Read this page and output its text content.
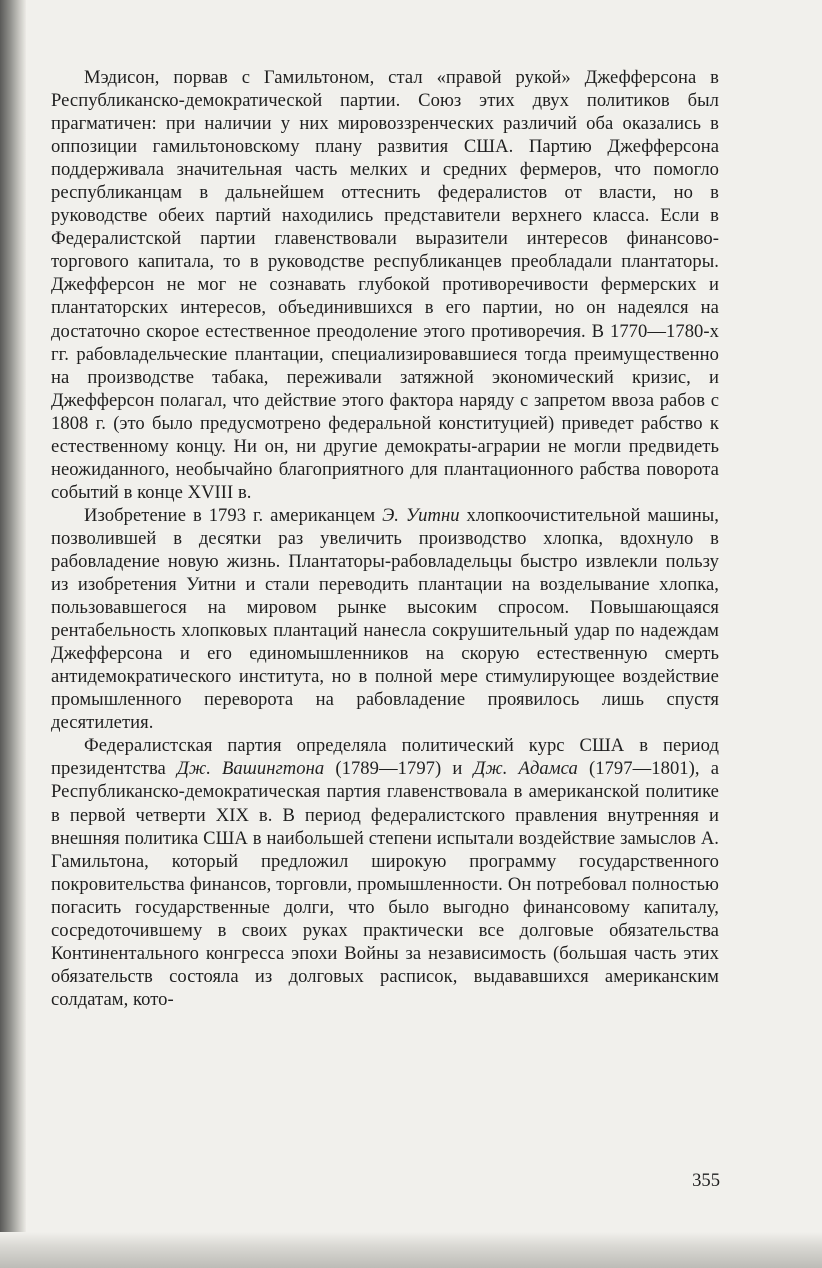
Мэдисон, порвав с Гамильтоном, стал «правой рукой» Джефферсона в Республиканско-демократической партии. Союз этих двух политиков был прагматичен: при наличии у них мировоззренческих различий оба оказались в оппозиции гамильтоновскому плану развития США. Партию Джефферсона поддерживала значительная часть мелких и средних фермеров, что помогло республиканцам в дальнейшем оттеснить федералистов от власти, но в руководстве обеих партий находились представители верхнего класса. Если в Федералистской партии главенствовали выразители интересов финансово-торгового капитала, то в руководстве республиканцев преобладали плантаторы. Джефферсон не мог не сознавать глубокой противоречивости фермерских и плантаторских интересов, объединившихся в его партии, но он надеялся на достаточно скорое естественное преодоление этого противоречия. В 1770—1780-х гг. рабовладельческие плантации, специализировавшиеся тогда преимущественно на производстве табака, переживали затяжной экономический кризис, и Джефферсон полагал, что действие этого фактора наряду с запретом ввоза рабов с 1808 г. (это было предусмотрено федеральной конституцией) приведет рабство к естественному концу. Ни он, ни другие демократы-аграрии не могли предвидеть неожиданного, необычайно благоприятного для плантационного рабства поворота событий в конце XVIII в.

Изобретение в 1793 г. американцем Э. Уитни хлопкоочистительной машины, позволившей в десятки раз увеличить производство хлопка, вдохнуло в рабовладение новую жизнь. Плантаторы-рабовладельцы быстро извлекли пользу из изобретения Уитни и стали переводить плантации на возделывание хлопка, пользовавшегося на мировом рынке высоким спросом. Повышающаяся рентабельность хлопковых плантаций нанесла сокрушительный удар по надеждам Джефферсона и его единомышленников на скорую естественную смерть антидемократического института, но в полной мере стимулирующее воздействие промышленного переворота на рабовладение проявилось лишь спустя десятилетия.

Федералистская партия определяла политический курс США в период президентства Дж. Вашингтона (1789—1797) и Дж. Адамса (1797—1801), а Республиканско-демократическая партия главенствовала в американской политике в первой четверти XIX в. В период федералистского правления внутренняя и внешняя политика США в наибольшей степени испытали воздействие замыслов А. Гамильтона, который предложил широкую программу государственного покровительства финансов, торговли, промышленности. Он потребовал полностью погасить государственные долги, что было выгодно финансовому капиталу, сосредоточившему в своих руках практически все долговые обязательства Континентального конгресса эпохи Войны за независимость (большая часть этих обязательств состояла из долговых расписок, выдававшихся американским солдатам, кото-

355
